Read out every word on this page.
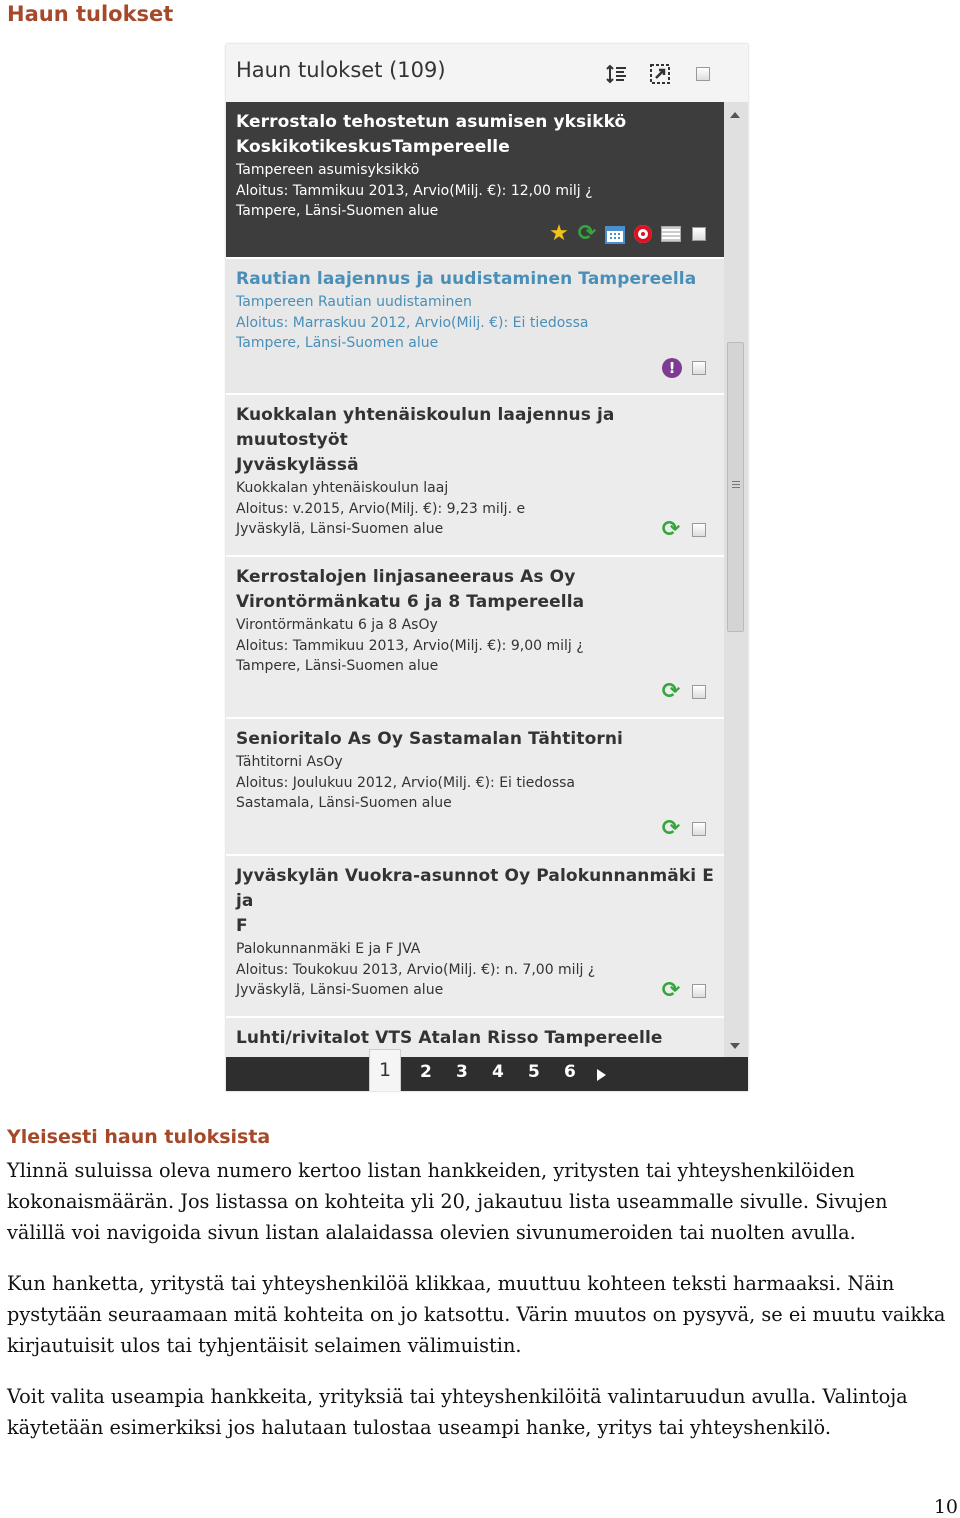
Haun tulokset
Haun tulokset (109)
Kerrostalo tehostetun asumisen yksikkö
KoskikotikeskusTampereelle
Tampereen asumisyksikkö
Aloitus: Tammikuu 2013, Arvio(Milj. €): 12,00 milj ¿
Tampere, Länsi-Suomen alue
★ ⟳
Rautian laajennus ja uudistaminen Tampereella
Tampereen Rautian uudistaminen
Aloitus: Marraskuu 2012, Arvio(Milj. €): Ei tiedossa
Tampere, Länsi-Suomen alue
!
Kuokkalan yhtenäiskoulun laajennus ja muutostyöt
Jyväskylässä
Kuokkalan yhtenäiskoulun laaj
Aloitus: v.2015, Arvio(Milj. €): 9,23 milj. e
Jyväskylä, Länsi-Suomen alue	⟳
Kerrostalojen linjasaneeraus As Oy
Virontörmänkatu 6 ja 8 Tampereella
Virontörmänkatu 6 ja 8 AsOy
Aloitus: Tammikuu 2013, Arvio(Milj. €): 9,00 milj ¿
Tampere, Länsi-Suomen alue
⟳
Senioritalo As Oy Sastamalan Tähtitorni
Tähtitorni AsOy
Aloitus: Joulukuu 2012, Arvio(Milj. €): Ei tiedossa
Sastamala, Länsi-Suomen alue
⟳
Jyväskylän Vuokra-asunnot Oy Palokunnanmäki E ja
F
Palokunnanmäki E ja F JVA
Aloitus: Toukokuu 2013, Arvio(Milj. €): n. 7,00 milj ¿
Jyväskylä, Länsi-Suomen alue	⟳
Luhti/rivitalot VTS Atalan Risso Tampereelle
1	2 3 4 5 6
Yleisesti haun tuloksista

Ylinnä suluissa oleva numero kertoo listan hankkeiden, yritysten tai yhteyshenkilöiden kokonaismäärän. Jos listassa on kohteita yli 20, jakautuu lista useammalle sivulle. Sivujen välillä voi navigoida sivun listan alalaidassa olevien sivunumeroiden tai nuolten avulla.

Kun hanketta, yritystä tai yhteyshenkilöä klikkaa, muuttuu kohteen teksti harmaaksi. Näin pystytään seuraamaan mitä kohteita on jo katsottu. Värin muutos on pysyvä, se ei muutu vaikka kirjautuisit ulos tai tyhjentäisit selaimen välimuistin.

Voit valita useampia hankkeita, yrityksiä tai yhteyshenkilöitä valintaruudun avulla. Valintoja käytetään esimerkiksi jos halutaan tulostaa useampi hanke, yritys tai yhteyshenkilö.

10
